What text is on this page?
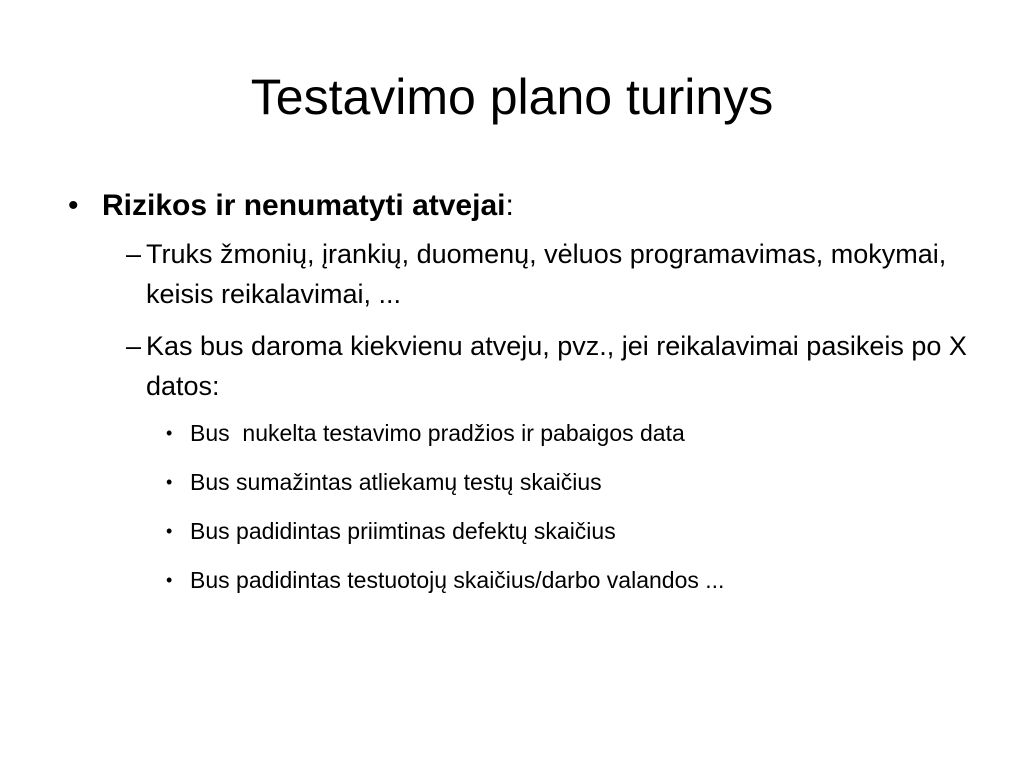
Testavimo plano turinys
• Rizikos ir nenumatyti atvejai:
– Truks žmonių, įrankių, duomenų, vėluos programavimas, mokymai, keisis reikalavimai, ...
– Kas bus daroma kiekvienu atveju, pvz., jei reikalavimai pasikeis po X datos:
• Bus  nukelta testavimo pradžios ir pabaigos data
• Bus sumažintas atliekamų testų skaičius
• Bus padidintas priimtinas defektų skaičius
• Bus padidintas testuotojų skaičius/darbo valandos ...
